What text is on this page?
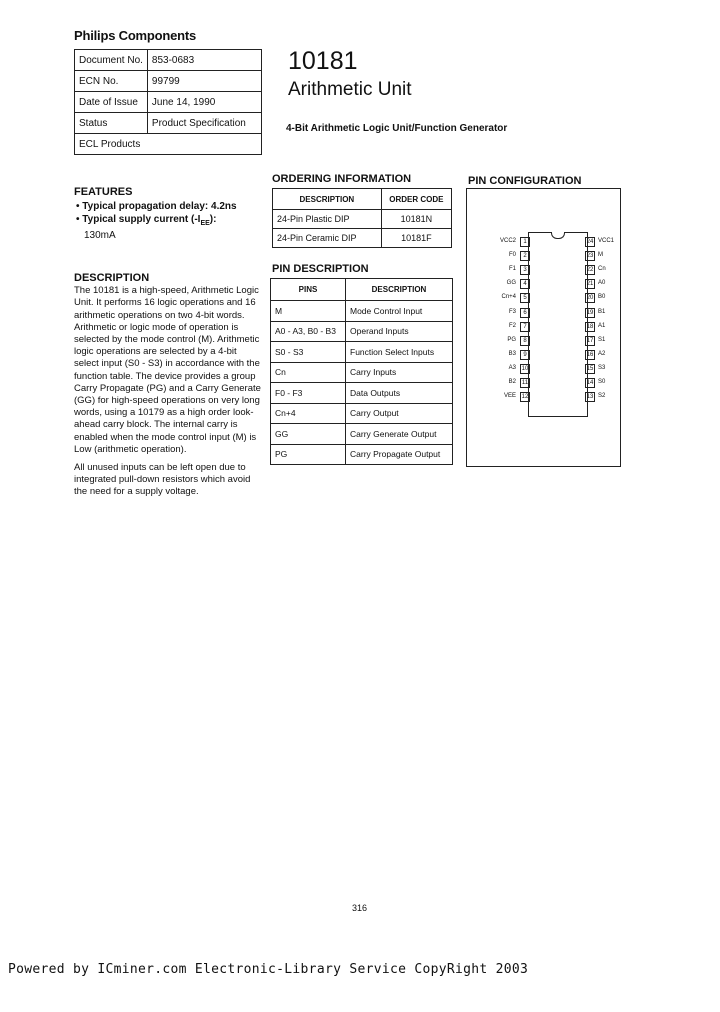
Philips Components
Document No.	853-0683
ECN No.	99799
Date of Issue	June 14, 1990
Status	Product Specification
ECL Products	
10181
Arithmetic Unit
4-Bit Arithmetic Logic Unit/Function Generator
FEATURES
• Typical propagation delay: 4.2ns
• Typical supply current $(-I_{EE})$:
130mA
DESCRIPTION

The 10181 is a high-speed, Arithmetic Logic Unit. It performs 16 logic operations and 16 arithmetic operations on two 4-bit words. Arithmetic or logic mode of operation is selected by the mode control (M). Arithmetic logic operations are selected by a 4-bit select input (S0 - S3) in accordance with the function table. The device provides a group Carry Propagate (PG) and a Carry Generate (GG) for high-speed operations on very long words, using a 10179 as a high order look-ahead carry block. The internal carry is enabled when the mode control input (M) is Low (arithmetic operation).

All unused inputs can be left open due to integrated pull-down resistors which avoid the need for a supply voltage.

ORDERING INFORMATION
DESCRIPTION	ORDER CODE
24-Pin Plastic DIP	10181N
24-Pin Ceramic DIP	10181F
PIN DESCRIPTION
PINS	DESCRIPTION
M	Mode Control Input
A0 - A3, B0 - B3	Operand Inputs
S0 - S3	Function Select Inputs
Cn	Carry Inputs
F0 - F3	Data Outputs
Cn+4	Carry Output
GG	Carry Generate Output
PG	Carry Propagate Output
PIN CONFIGURATION
VCC2	1
F0	2
F1	3
GG	4
Cn+4	5
F3	6
F2	7
PG	8
B3	9
A3 10
B2 11
VEE 12
24 VCC1
23 M
22 Cn
21 A0
20 B0
19 B1
18 A1
17 S1
16 A2
15 S3
14 S0
13 S2
316
Powered by ICminer.com Electronic-Library Service CopyRight 2003
